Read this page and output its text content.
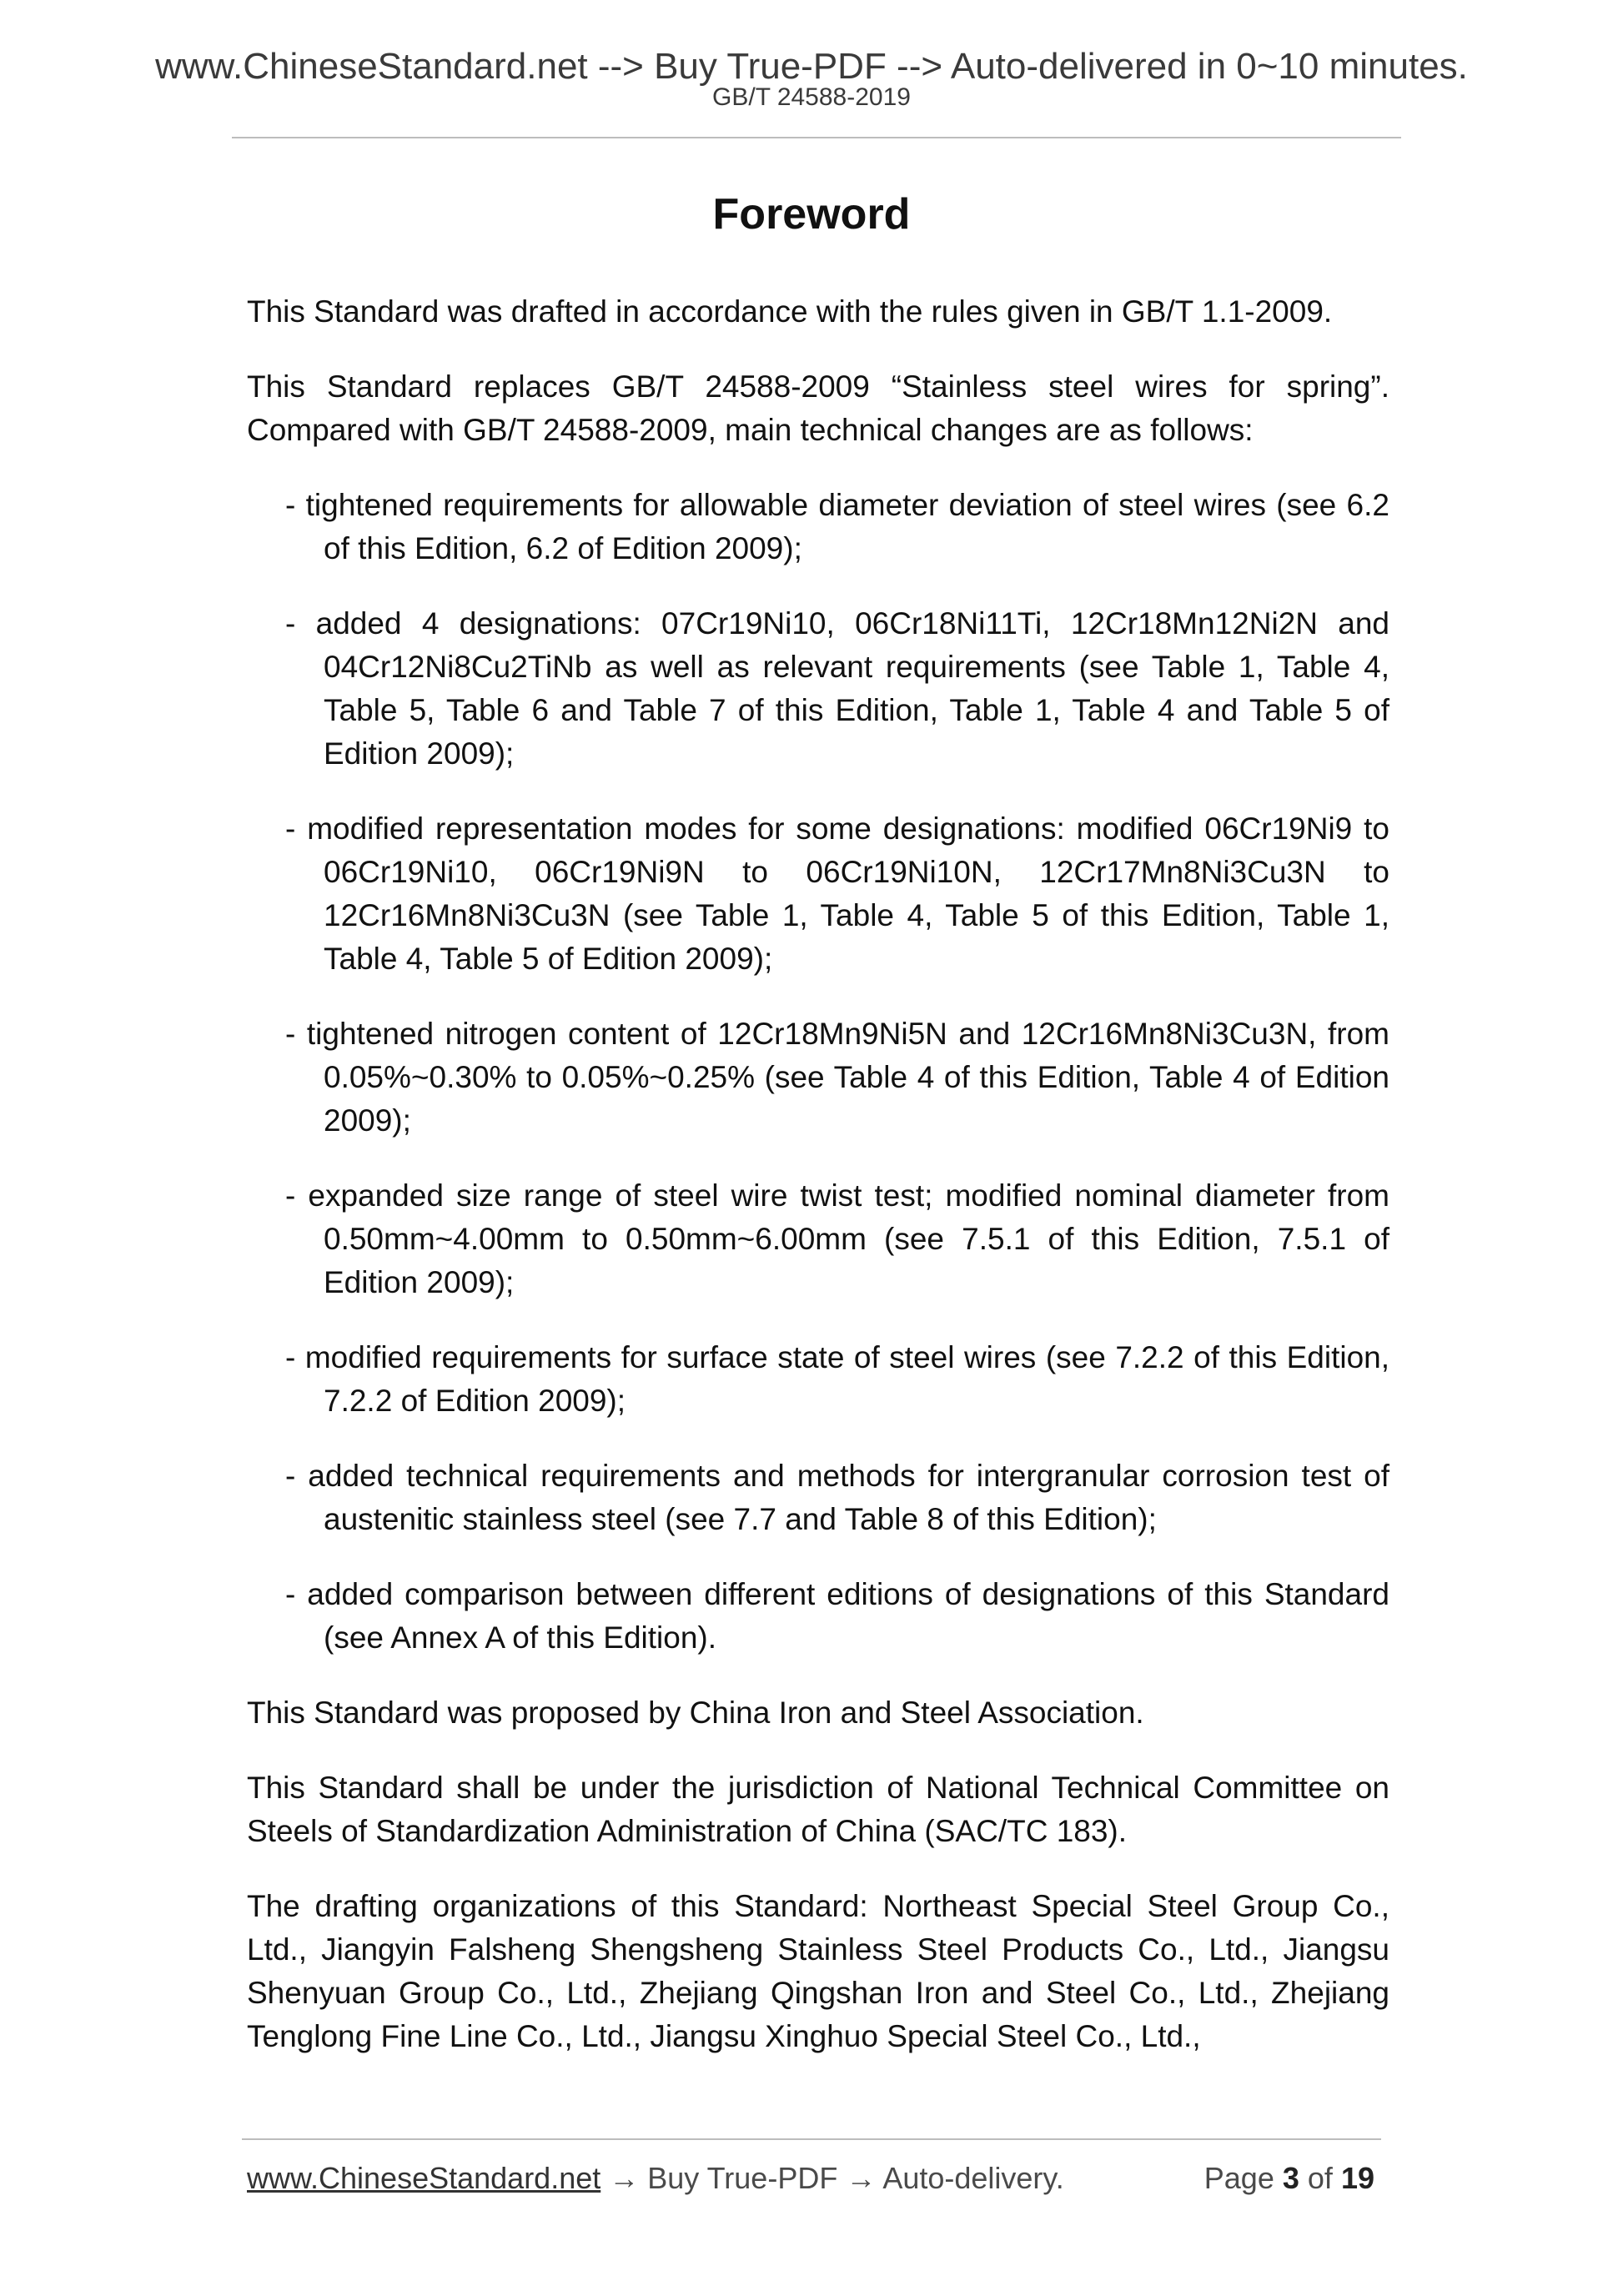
www.ChineseStandard.net --> Buy True-PDF --> Auto-delivered in 0~10 minutes.
GB/T 24588-2019
Foreword

This Standard was drafted in accordance with the rules given in GB/T 1.1-2009.

This Standard replaces GB/T 24588-2009 “Stainless steel wires for spring”. Compared with GB/T 24588-2009, main technical changes are as follows:

- tightened requirements for allowable diameter deviation of steel wires (see 6.2 of this Edition, 6.2 of Edition 2009);

- added 4 designations: 07Cr19Ni10, 06Cr18Ni11Ti, 12Cr18Mn12Ni2N and 04Cr12Ni8Cu2TiNb as well as relevant requirements (see Table 1, Table 4, Table 5, Table 6 and Table 7 of this Edition, Table 1, Table 4 and Table 5 of Edition 2009);

- modified representation modes for some designations: modified 06Cr19Ni9 to 06Cr19Ni10, 06Cr19Ni9N to 06Cr19Ni10N, 12Cr17Mn8Ni3Cu3N to 12Cr16Mn8Ni3Cu3N (see Table 1, Table 4, Table 5 of this Edition, Table 1, Table 4, Table 5 of Edition 2009);

- tightened nitrogen content of 12Cr18Mn9Ni5N and 12Cr16Mn8Ni3Cu3N, from 0.05%~0.30% to 0.05%~0.25% (see Table 4 of this Edition, Table 4 of Edition 2009);

- expanded size range of steel wire twist test; modified nominal diameter from 0.50mm~4.00mm to 0.50mm~6.00mm (see 7.5.1 of this Edition, 7.5.1 of Edition 2009);

- modified requirements for surface state of steel wires (see 7.2.2 of this Edition, 7.2.2 of Edition 2009);

- added technical requirements and methods for intergranular corrosion test of austenitic stainless steel (see 7.7 and Table 8 of this Edition);

- added comparison between different editions of designations of this Standard (see Annex A of this Edition).

This Standard was proposed by China Iron and Steel Association.

This Standard shall be under the jurisdiction of National Technical Committee on Steels of Standardization Administration of China (SAC/TC 183).

The drafting organizations of this Standard: Northeast Special Steel Group Co., Ltd., Jiangyin Falsheng Shengsheng Stainless Steel Products Co., Ltd., Jiangsu Shenyuan Group Co., Ltd., Zhejiang Qingshan Iron and Steel Co., Ltd., Zhejiang Tenglong Fine Line Co., Ltd., Jiangsu Xinghuo Special Steel Co., Ltd.,

www.ChineseStandard.net → Buy True-PDF → Auto-delivery.	Page 3 of 19
